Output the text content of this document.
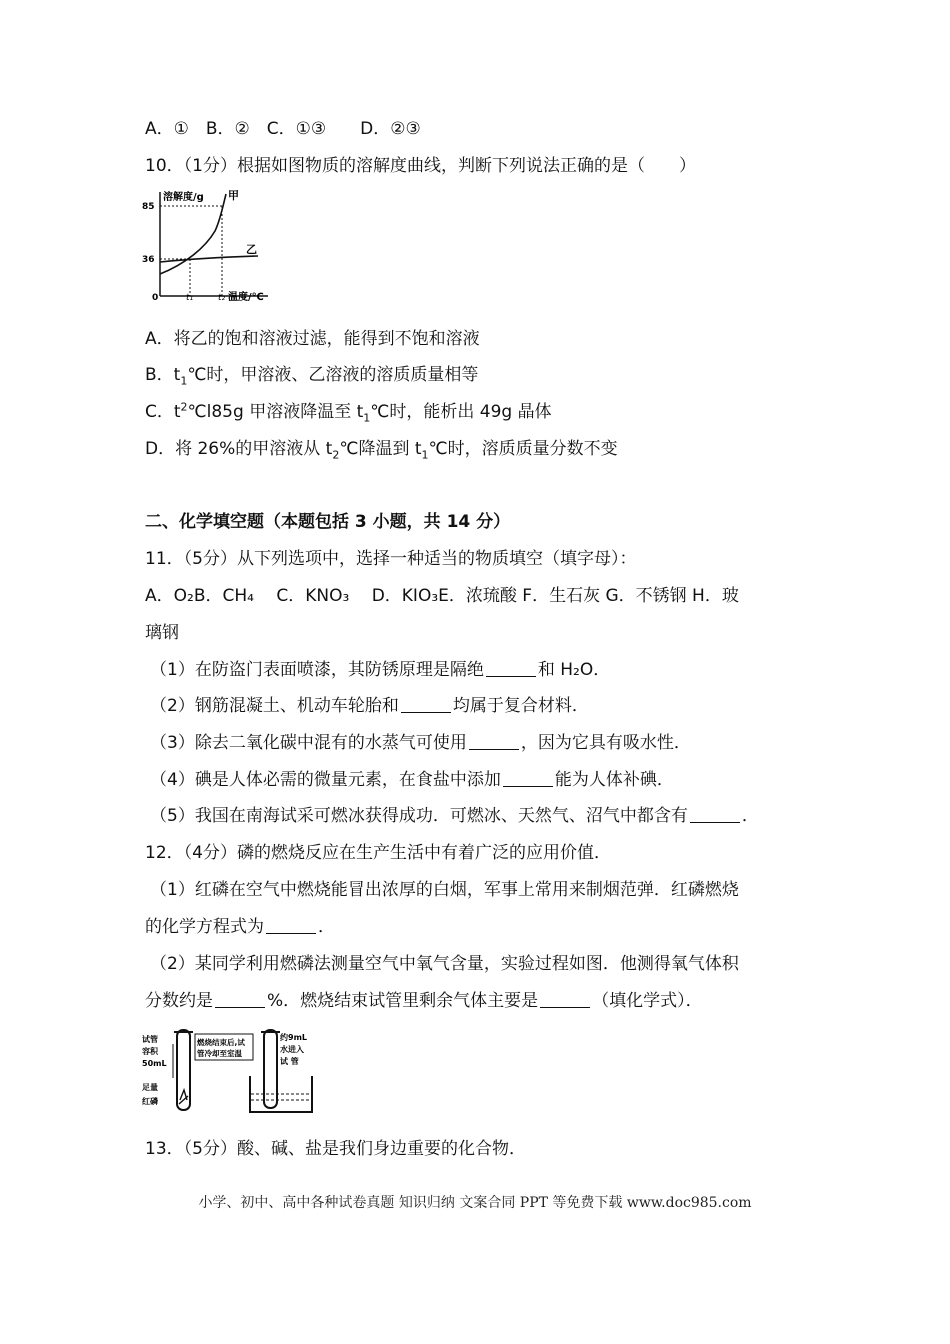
A．①　B．②　C．①③　　D．②③
10．（1分）根据如图物质的溶解度曲线，判断下列说法正确的是（　　）
溶解度/g 甲
乙
85
36
0	t₁	t₂ 温度/℃
A．将乙的饱和溶液过滤，能得到不饱和溶液
B．$t_1℃$时，甲溶液、乙溶液的溶质质量相等
C．$t^2℃l85g$ 甲溶液降温至 $t_1℃$时，能析出 49g 晶体
D．将 26%的甲溶液从 $t_2℃$降温到 $t_1℃$时，溶质质量分数不变
二、化学填空题（本题包括 3 小题，共 14 分）
11．（5分）从下列选项中，选择一种适当的物质填空（填字母）：
A．O₂B．CH₄　 C．KNO₃　 D．KIO₃E．浓琉酸 F．生石灰 G．不锈钢 H．玻
璃钢
（1）在防盗门表面喷漆，其防锈原理是隔绝	和 H₂O．
（2）钢筋混凝土、机动车轮胎和	均属于复合材料．
（3）除去二氧化碳中混有的水蒸气可使用	，因为它具有吸水性．
（4）碘是人体必需的微量元素，在食盐中添加	能为人体补碘．
（5）我国在南海试采可燃冰获得成功．可燃冰、天然气、沼气中都含有	．
12．（4分）磷的燃烧反应在生产生活中有着广泛的应用价值．
（1）红磷在空气中燃烧能冒出浓厚的白烟，军事上常用来制烟范弹．红磷燃烧
的化学方程式为	．
（2）某同学利用燃磷法测量空气中氧气含量，实验过程如图．他测得氧气体积
分数约是	%．燃烧结束试管里剩余气体主要是	（填化学式）．
试管
容积
50mL
足量
红磷
燃烧结束后,试
管冷却至室温
约9mL
水进入
试 管
13．（5分）酸、碱、盐是我们身边重要的化合物．
小学、初中、高中各种试卷真题 知识归纳 文案合同 PPT 等免费下载 www.doc985.com
